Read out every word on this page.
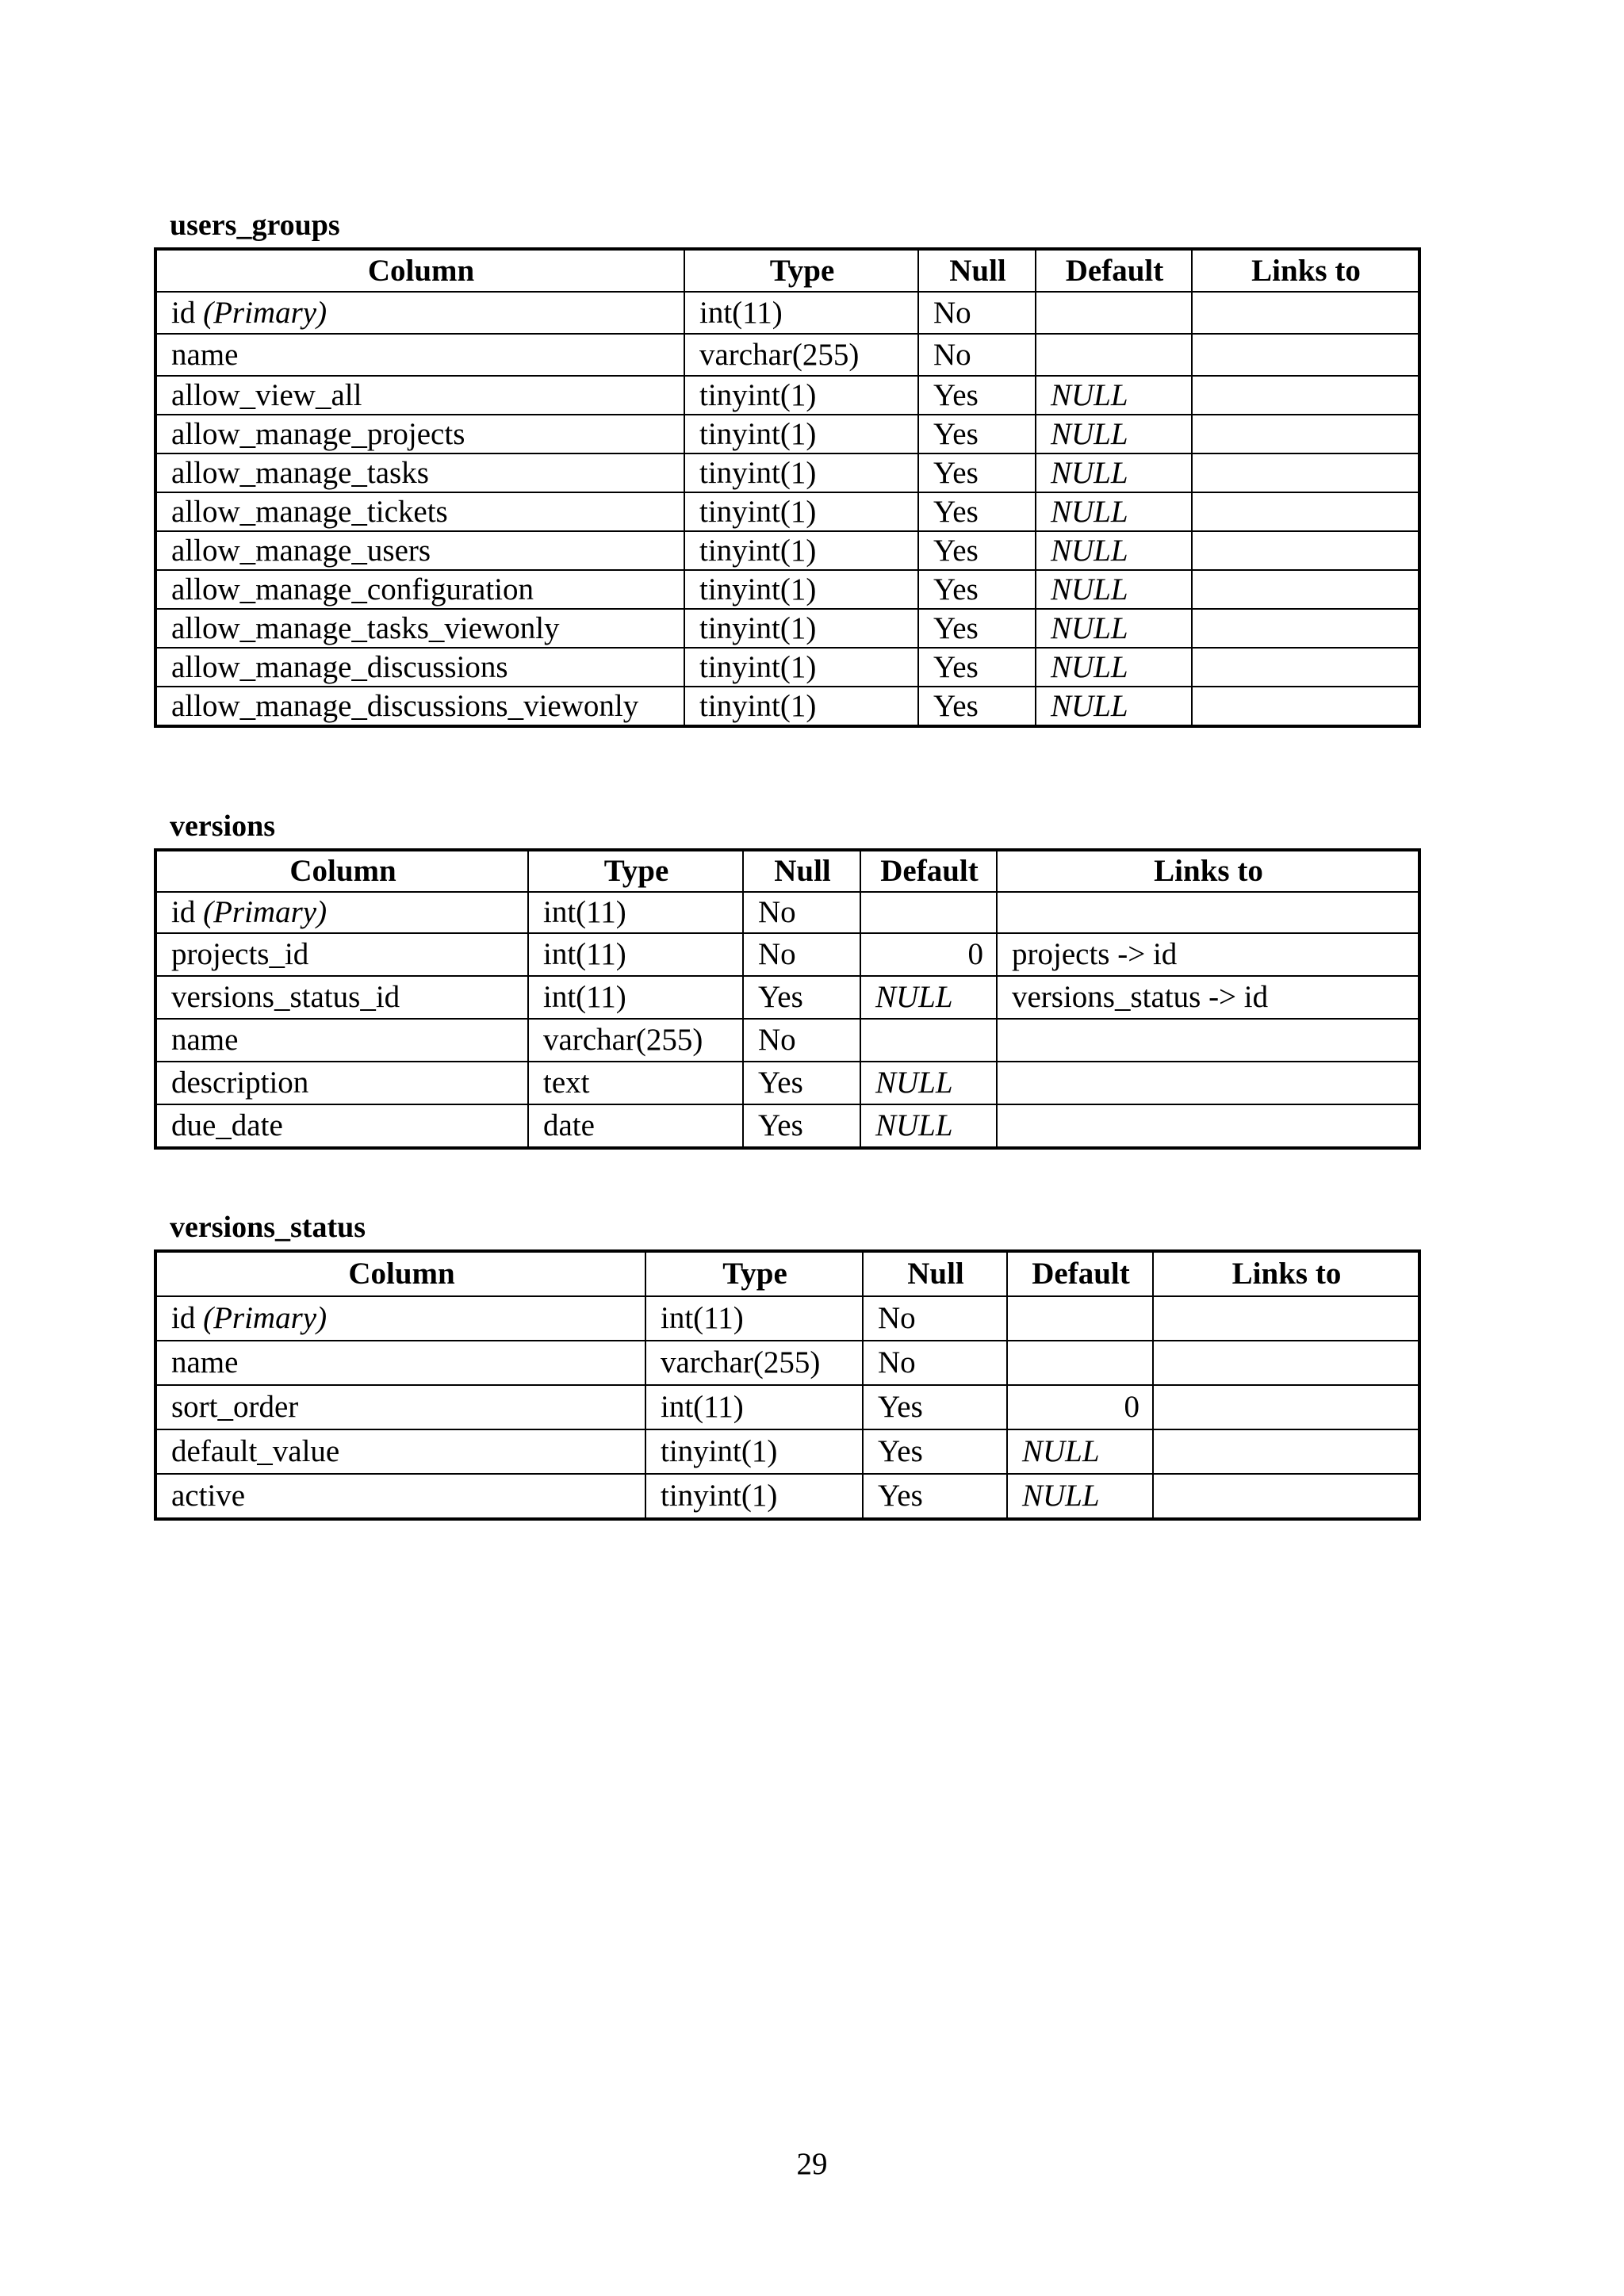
users_groups
Column	Type	Null	Default	Links to
id (Primary)	int(11)	No		
name	varchar(255)	No		
allow_view_all	tinyint(1)	Yes	NULL	
allow_manage_projects	tinyint(1)	Yes	NULL	
allow_manage_tasks	tinyint(1)	Yes	NULL	
allow_manage_tickets	tinyint(1)	Yes	NULL	
allow_manage_users	tinyint(1)	Yes	NULL	
allow_manage_configuration	tinyint(1)	Yes	NULL	
allow_manage_tasks_viewonly	tinyint(1)	Yes	NULL	
allow_manage_discussions	tinyint(1)	Yes	NULL	
allow_manage_discussions_viewonly	tinyint(1)	Yes	NULL	
versions
Column	Type	Null	Default	Links to
id (Primary)	int(11)	No		
projects_id	int(11)	No	0	projects -> id
versions_status_id	int(11)	Yes	NULL	versions_status -> id
name	varchar(255)	No		
description	text	Yes	NULL	
due_date	date	Yes	NULL	
versions_status
Column	Type	Null	Default	Links to
id (Primary)	int(11)	No		
name	varchar(255)	No		
sort_order	int(11)	Yes	0	
default_value	tinyint(1)	Yes	NULL	
active	tinyint(1)	Yes	NULL	
29
